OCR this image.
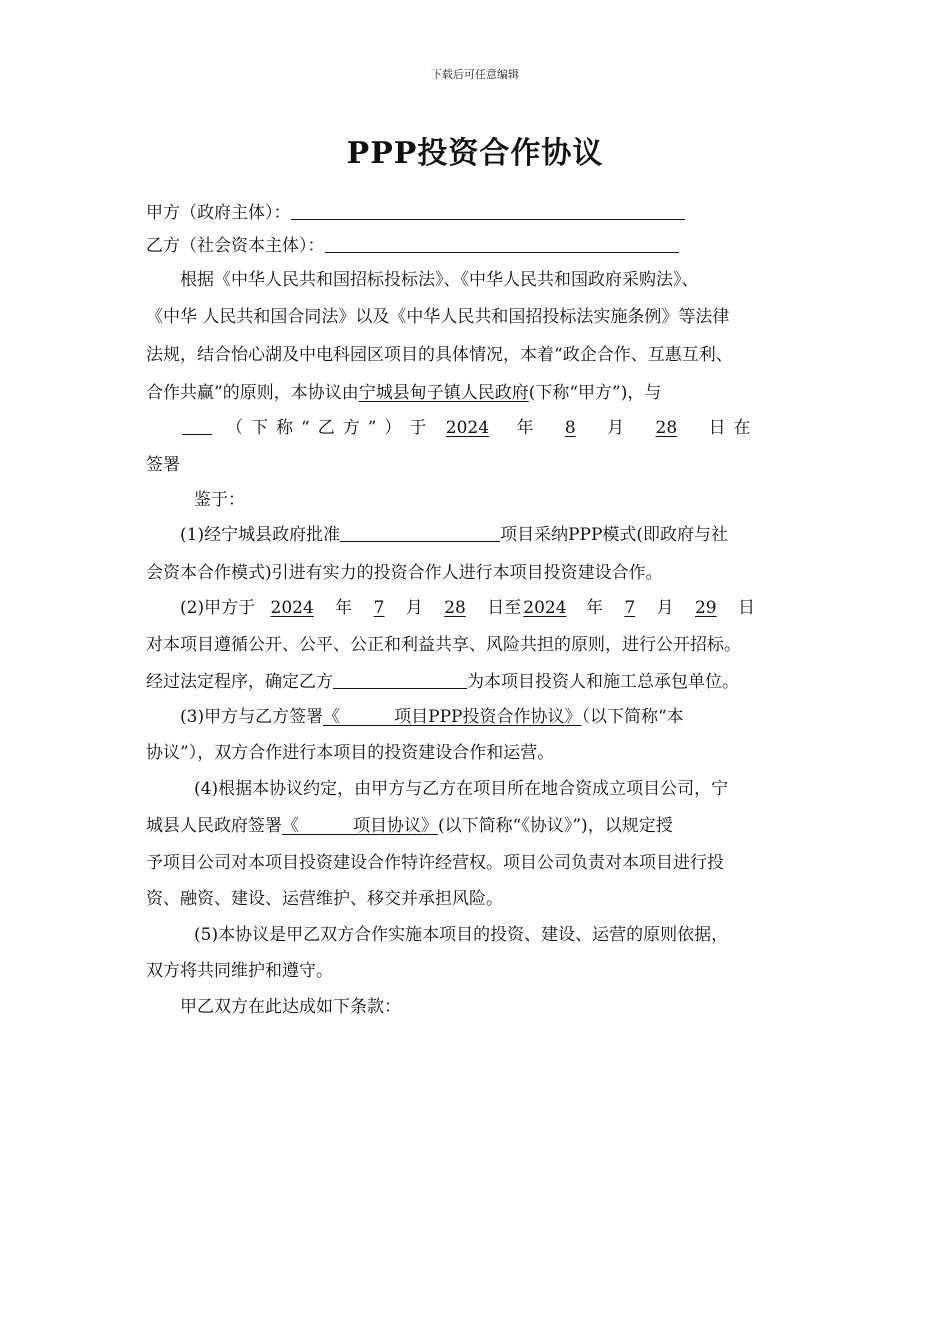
下载后可任意编辑
PPP投资合作协议
甲方（政府主体）：
乙方（社会资本主体）：
根据《中华人民共和国招标投标法》、《中华人民共和国政府采购法》、
《中华 人民共和国合同法》以及《中华人民共和国招投标法实施条例》等法律
法规，结合怡心湖及中电科园区项目的具体情况，本着“政企合作、互惠互利、
合作共赢”的原则，本协议由宁城县甸子镇人民政府(下称“甲方”)，与
（下称“乙方”）于 2024 年 8 月 28 日在
签署
鉴于：
(1)经宁城县政府批准	项目采纳PPP模式(即政府与社
会资本合作模式)引进有实力的投资合作人进行本项目投资建设合作。
(2)甲方于 2024 年 7 月 28 日至 2024 年 7 月 29 日
对本项目遵循公开、公平、公正和利益共享、风险共担的原则，进行公开招标。
经过法定程序，确定乙方	为本项目投资人和施工总承包单位。
(3)甲方与乙方签署《          项目PPP投资合作协议》（以下简称“本
协议”），双方合作进行本项目的投资建设合作和运营。
(4)根据本协议约定，由甲方与乙方在项目所在地合资成立项目公司，宁
城县人民政府签署《          项目协议》(以下简称“《协议》”)，以规定授
予项目公司对本项目投资建设合作特许经营权。项目公司负责对本项目进行投
资、融资、建设、运营维护、移交并承担风险。
(5)本协议是甲乙双方合作实施本项目的投资、建设、运营的原则依据，
双方将共同维护和遵守。
甲乙双方在此达成如下条款：
